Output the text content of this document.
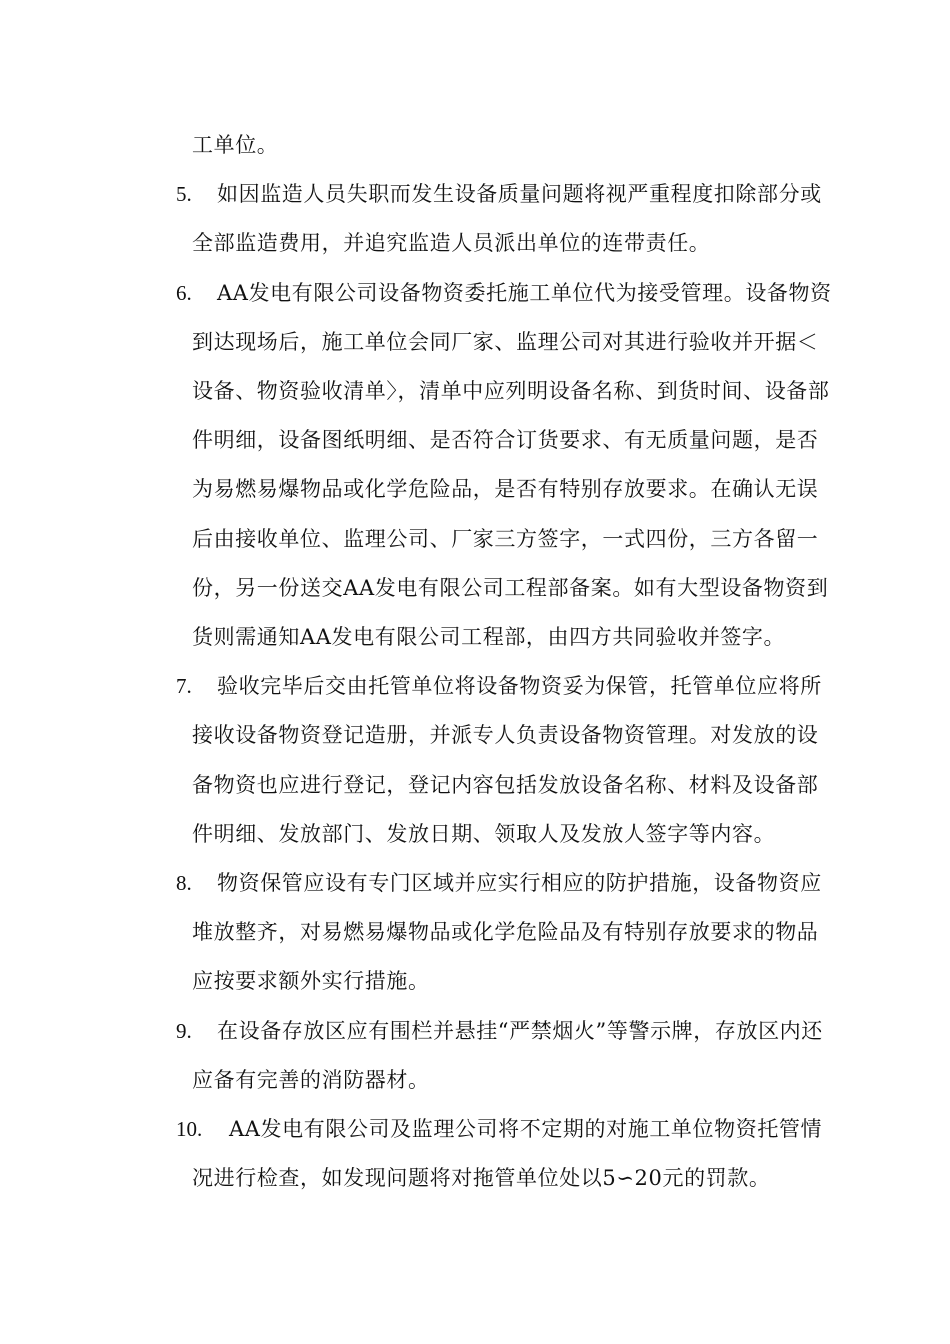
工单位。

5.	如因监造人员失职而发生设备质量问题将视严重程度扣除部分或全部监造费用，并追究监造人员派出单位的连带责任。

6.	AA发电有限公司设备物资委托施工单位代为接受管理。设备物资到达现场后，施工单位会同厂家、监理公司对其进行验收并开据＜设备、物资验收清单〉，清单中应列明设备名称、到货时间、设备部件明细，设备图纸明细、是否符合订货要求、有无质量问题，是否为易燃易爆物品或化学危险品，是否有特别存放要求。在确认无误后由接收单位、监理公司、厂家三方签字，一式四份，三方各留一份，另一份送交AA发电有限公司工程部备案。如有大型设备物资到货则需通知AA发电有限公司工程部，由四方共同验收并签字。

7.	验收完毕后交由托管单位将设备物资妥为保管，托管单位应将所接收设备物资登记造册，并派专人负责设备物资管理。对发放的设备物资也应进行登记，登记内容包括发放设备名称、材料及设备部件明细、发放部门、发放日期、领取人及发放人签字等内容。

8.	物资保管应设有专门区域并应实行相应的防护措施，设备物资应堆放整齐，对易燃易爆物品或化学危险品及有特别存放要求的物品应按要求额外实行措施。

9.	在设备存放区应有围栏并悬挂“严禁烟火”等警示牌，存放区内还应备有完善的消防器材。

10.	AA发电有限公司及监理公司将不定期的对施工单位物资托管情况进行检查，如发现问题将对拖管单位处以5∽20元的罚款。
